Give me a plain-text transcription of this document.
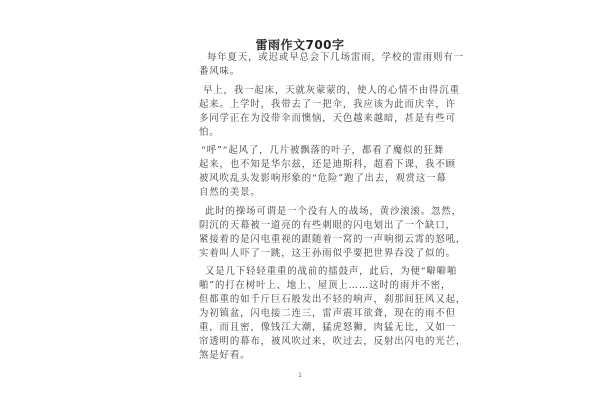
雷雨作文700字
每年夏天，或迟或早总会下几场雷雨，学校的雷雨则有一
番风味。
早上，我一起床，天就灰蒙蒙的，使人的心情不由得沉重
起来。上学时，我带去了一把伞，我应该为此而庆幸，许
多同学正在为没带伞而懊恼，天色越来越暗，甚是有些可
怕。
“呼”“起风了，几片被飘落的叶子，都看了魔似的狂舞
起来，也不知是华尔兹，还是迪斯科，超看下课，我不顾
被风吹乱头发影响形象的“危险”跑了出去，观赏这一幕
自然的美景。
此时的操场可谓是一个没有人的战场，黄沙滚滚。忽然，
阴沉的天幕被一道亮的有些刺眼的闪电划出了一个缺口，
紧接着的是闪电重视的跟随着一窝的一声响彻云霄的怒吼，
实着叫人吓了一跳，这王孙雨似乎要把世界吞没了似的。
又是几下轻轻重重的战前的擂鼓声，此后，为便“噼噼啪
啪”的打在树叶上、地上、屋顶上……这时的雨并不密，
但都重的如千斤巨石般发出不轻的响声，刹那间狂风又起，
为初镇盆，闪电接二连三，雷声震耳欲聋，现在的雨不但
重，而且密，像钱江大潮，猛虎怒狮，肉猛无比，又如一
帘透明的幕布，被风吹过来，吹过去，反射出闪电的光芒，
煞是好看。
1
